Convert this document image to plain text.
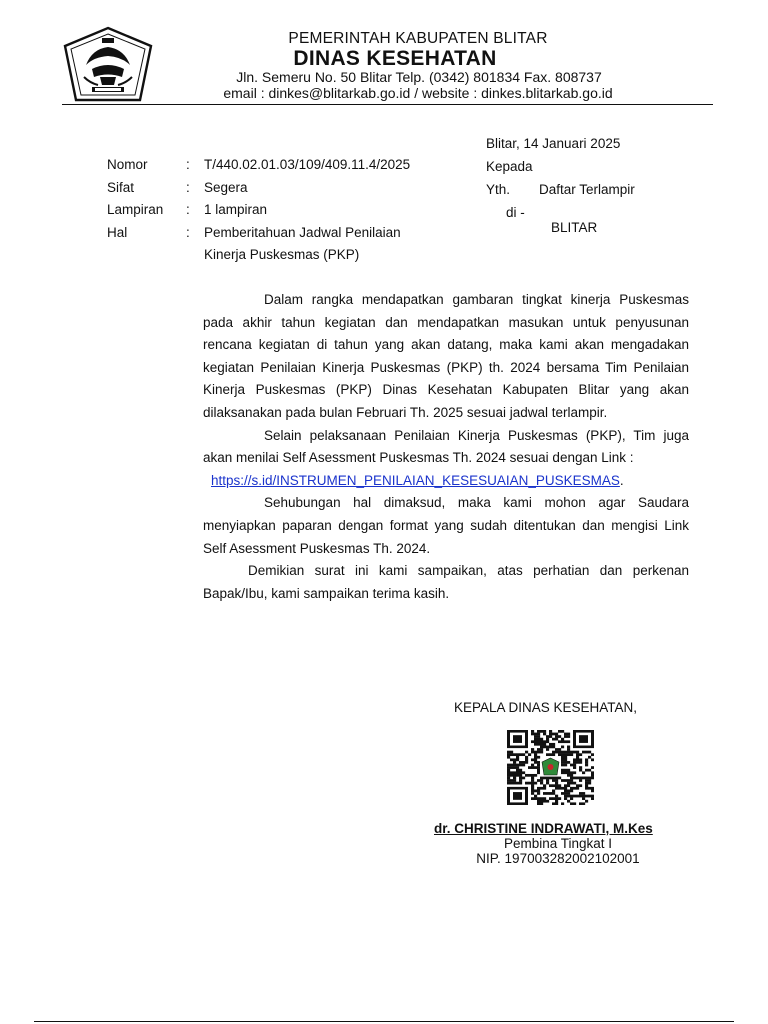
PEMERINTAH KABUPATEN BLITAR
DINAS KESEHATAN
Jln. Semeru No. 50 Blitar Telp. (0342) 801834 Fax. 808737
email : dinkes@blitarkab.go.id / website : dinkes.blitarkab.go.id
Blitar, 14 Januari 2025
Kepada
Yth. Daftar Terlampir
di -
BLITAR
Nomor	: T/440.02.01.03/109/409.11.4/2025
Sifat	: Segera
Lampiran : 1 lampiran
Hal	: Pemberitahuan Jadwal Penilaian
Kinerja Puskesmas (PKP)

Dalam rangka mendapatkan gambaran tingkat kinerja Puskesmas pada akhir tahun kegiatan dan mendapatkan masukan untuk penyusunan rencana kegiatan di tahun yang akan datang, maka kami akan mengadakan kegiatan Penilaian Kinerja Puskesmas (PKP) th. 2024 bersama Tim Penilaian Kinerja Puskesmas (PKP) Dinas Kesehatan Kabupaten Blitar yang akan dilaksanakan pada bulan Februari Th. 2025 sesuai jadwal terlampir.

Selain pelaksanaan Penilaian Kinerja Puskesmas (PKP), Tim juga akan menilai Self Asessment Puskesmas Th. 2024 sesuai dengan Link :

https://s.id/INSTRUMEN_PENILAIAN_KESESUAIAN_PUSKESMAS.

Sehubungan hal dimaksud, maka kami mohon agar Saudara menyiapkan paparan dengan format yang sudah ditentukan dan mengisi Link Self Asessment Puskesmas Th. 2024.

Demikian surat ini kami sampaikan, atas perhatian dan perkenan Bapak/Ibu, kami sampaikan terima kasih.

KEPALA DINAS KESEHATAN,
dr. CHRISTINE INDRAWATI, M.Kes
Pembina Tingkat I
NIP. 197003282002102001
